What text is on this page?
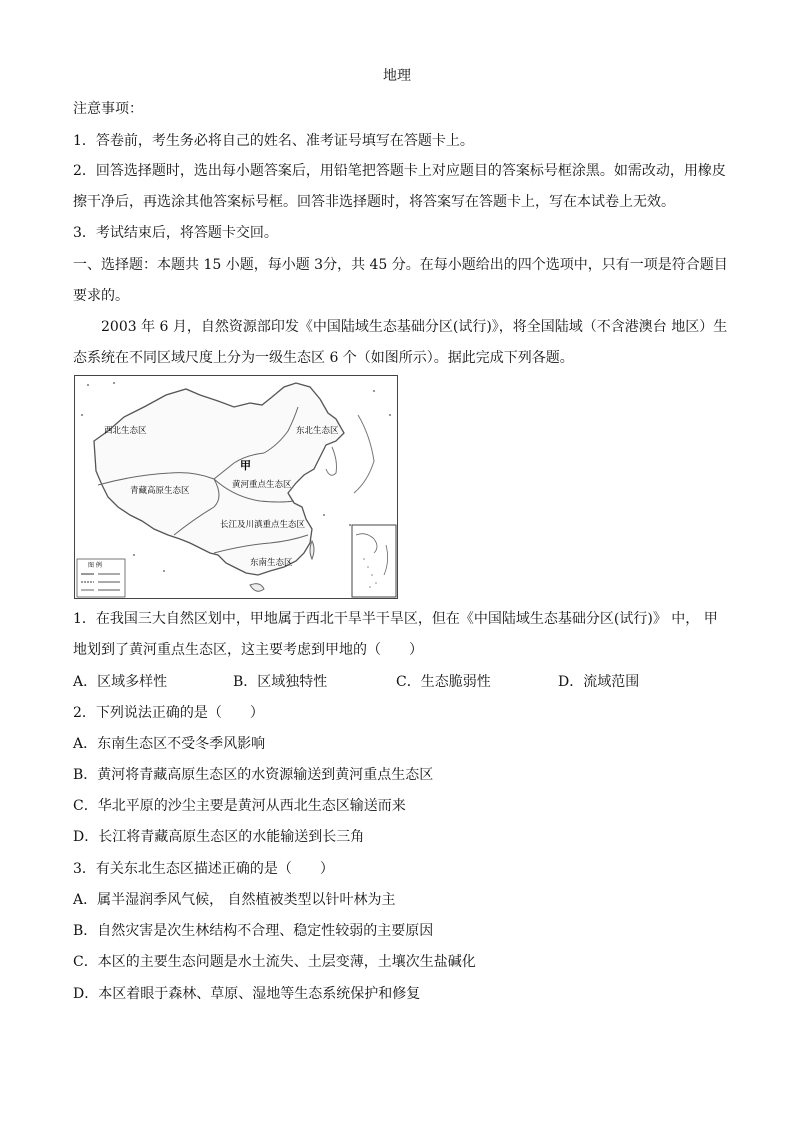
地理
注意事项：
1．答卷前，考生务必将自己的姓名、准考证号填写在答题卡上。
2．回答选择题时，选出每小题答案后，用铅笔把答题卡上对应题目的答案标号框涂黑。如需改动，用橡皮
擦干净后，再选涂其他答案标号框。回答非选择题时，将答案写在答题卡上，写在本试卷上无效。
3．考试结束后，将答题卡交回。
一、选择题：本题共 15 小题，每小题 3分，共 45 分。在每小题给出的四个选项中，只有一项是符合题目
要求的。
2003 年 6 月，自然资源部印发《中国陆域生态基础分区(试行)》，将全国陆域（不含港澳台 地区）生
态系统在不同区域尺度上分为一级生态区 6 个（如图所示）。据此完成下列各题。
西北生态区	东北生态区
甲
黄河重点生态区
青藏高原生态区
长江及川滇重点生态区
东南生态区
图 例
1．在我国三大自然区划中，甲地属于西北干旱半干旱区，但在《中国陆域生态基础分区(试行)》 中， 甲
地划到了黄河重点生态区，这主要考虑到甲地的（　　）
A．区域多样性	B．区域独特性	C．生态脆弱性	D．流域范围
2．下列说法正确的是（　　）
A．东南生态区不受冬季风影响
B．黄河将青藏高原生态区的水资源输送到黄河重点生态区
C．华北平原的沙尘主要是黄河从西北生态区输送而来
D．长江将青藏高原生态区的水能输送到长三角
3．有关东北生态区描述正确的是（　　）
A．属半湿润季风气候， 自然植被类型以针叶林为主
B．自然灾害是次生林结构不合理、稳定性较弱的主要原因
C．本区的主要生态问题是水土流失、土层变薄，土壤次生盐碱化
D．本区着眼于森林、草原、湿地等生态系统保护和修复
